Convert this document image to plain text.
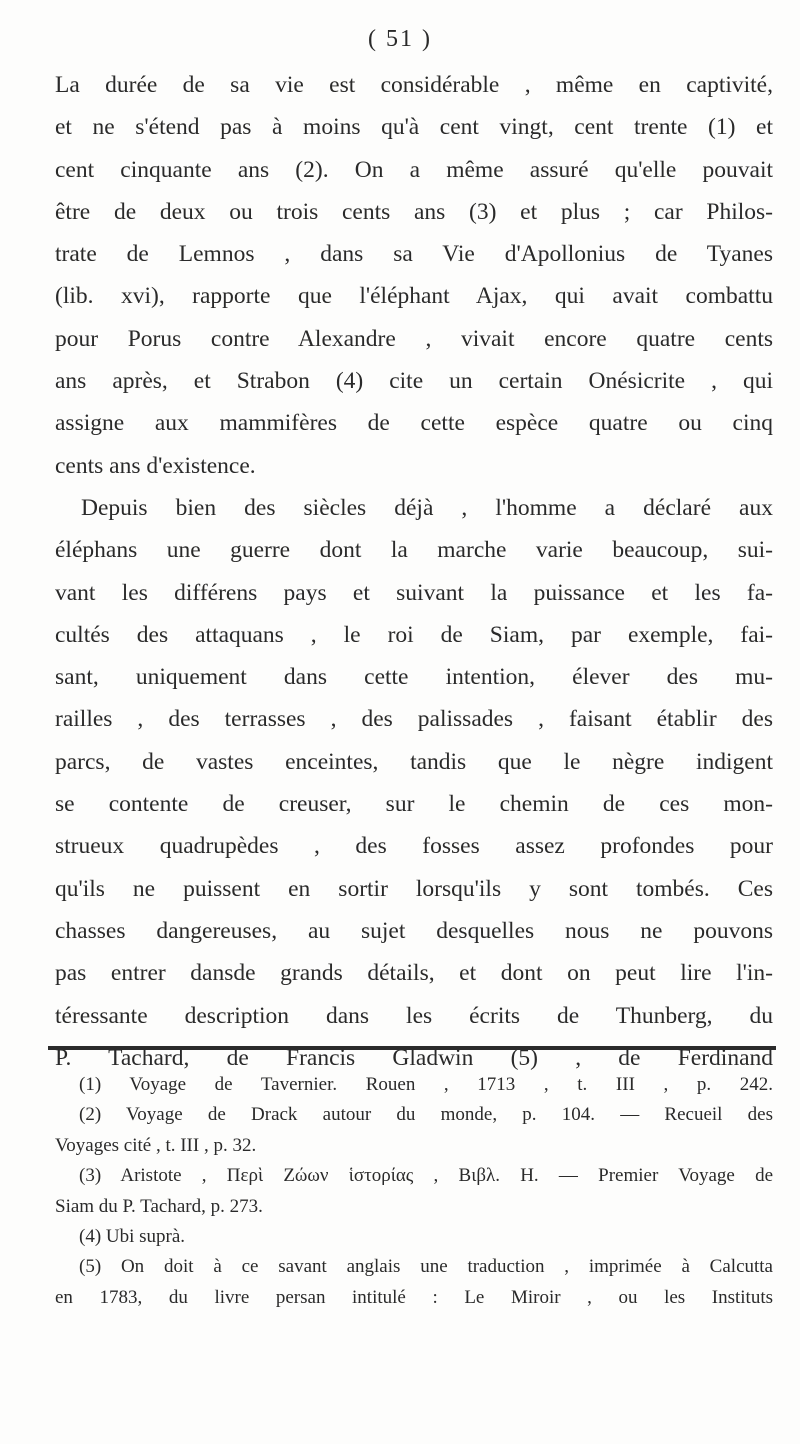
( 51 )
La durée de sa vie est considérable , même en captivité,
et ne s'étend pas à moins qu'à cent vingt, cent trente (1) et
cent cinquante ans (2). On a même assuré qu'elle pouvait
être de deux ou trois cents ans (3) et plus ; car Philos-
trate de Lemnos , dans sa Vie d'Apollonius de Tyanes
(lib. xvi), rapporte que l'éléphant Ajax, qui avait combattu
pour Porus contre Alexandre , vivait encore quatre cents
ans après, et Strabon (4) cite un certain Onésicrite , qui
assigne aux mammifères de cette espèce quatre ou cinq
cents ans d'existence.
Depuis bien des siècles déjà , l'homme a déclaré aux
éléphans une guerre dont la marche varie beaucoup, sui-
vant les différens pays et suivant la puissance et les fa-
cultés des attaquans , le roi de Siam, par exemple, fai-
sant, uniquement dans cette intention, élever des mu-
railles , des terrasses , des palissades , faisant établir des
parcs, de vastes enceintes, tandis que le nègre indigent
se contente de creuser, sur le chemin de ces mon-
strueux quadrupèdes , des fosses assez profondes pour
qu'ils ne puissent en sortir lorsqu'ils y sont tombés. Ces
chasses dangereuses, au sujet desquelles nous ne pouvons
pas entrer dansde grands détails, et dont on peut lire l'in-
téressante description dans les écrits de Thunberg, du
P. Tachard, de Francis Gladwin (5) , de Ferdinand
(1) Voyage de Tavernier. Rouen , 1713 , t. III , p. 242.
(2) Voyage de Drack autour du monde, p. 104. — Recueil des
Voyages cité , t. III , p. 32.
(3) Aristote , Περὶ Ζώων ἱστορίας , Βιβλ. H. — Premier Voyage de
Siam du P. Tachard, p. 273.
(4) Ubi suprà.
(5) On doit à ce savant anglais une traduction , imprimée à Calcutta
en 1783, du livre persan intitulé : Le Miroir , ou les Instituts
